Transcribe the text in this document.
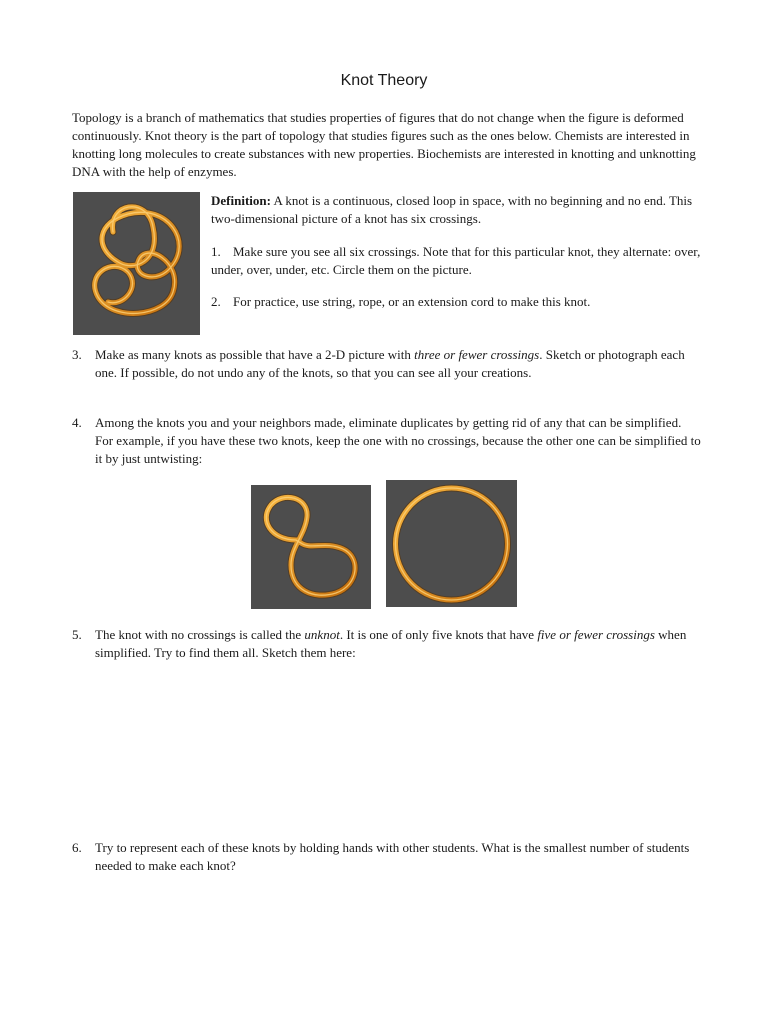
Knot Theory
Topology is a branch of mathematics that studies properties of figures that do not change when the figure is deformed continuously. Knot theory is the part of topology that studies figures such as the ones below. Chemists are interested in knotting long molecules to create substances with new properties. Biochemists are interested in knotting and unknotting DNA with the help of enzymes.
Definition: A knot is a continuous, closed loop in space, with no beginning and no end. This two-dimensional picture of a knot has six crossings.
1. Make sure you see all six crossings. Note that for this particular knot, they alternate: over, under, over, under, etc. Circle them on the picture.
2. For practice, use string, rope, or an extension cord to make this knot.
3.	Make as many knots as possible that have a 2-D picture with three or fewer crossings. Sketch or photograph each one. If possible, do not undo any of the knots, so that you can see all your creations.
4.	Among the knots you and your neighbors made, eliminate duplicates by getting rid of any that can be simplified. For example, if you have these two knots, keep the one with no crossings, because the other one can be simplified to it by just untwisting:
5.	The knot with no crossings is called the unknot. It is one of only five knots that have five or fewer crossings when simplified. Try to find them all. Sketch them here:
6.	Try to represent each of these knots by holding hands with other students. What is the smallest number of students needed to make each knot?
